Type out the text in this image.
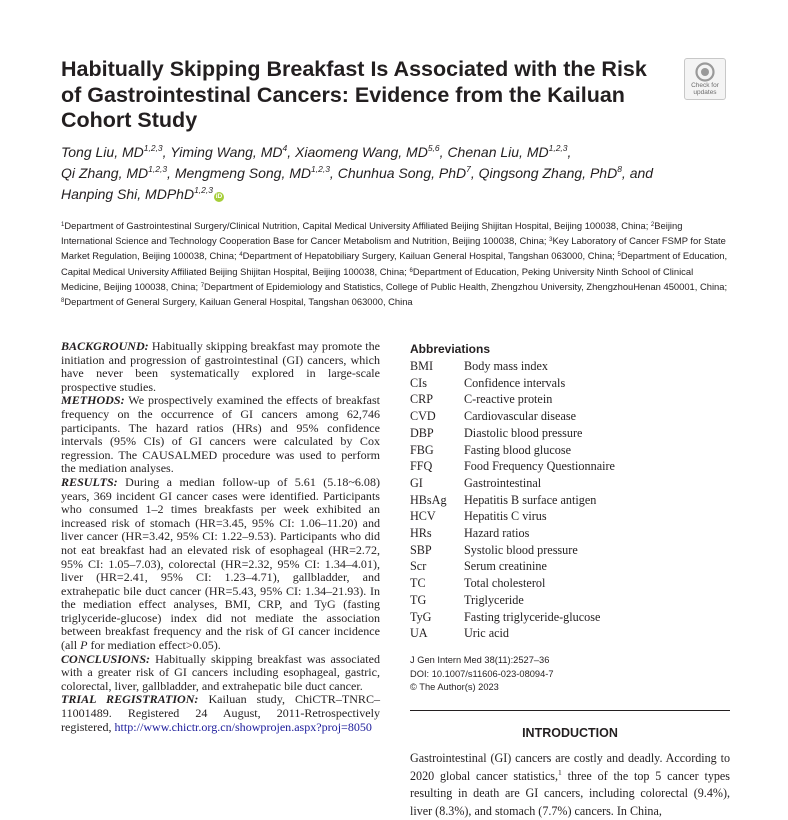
Habitually Skipping Breakfast Is Associated with the Risk of Gastrointestinal Cancers: Evidence from the Kailuan Cohort Study
Check for
updates
Tong Liu, MD$^{1,2,3}$, Yiming Wang, $MD^4$, Xiaomeng Wang, MD$^{5,6}$, Chenan Liu, MD$^{1,2,3}$,
Qi Zhang, MD$^{1,2,3}$, Mengmeng Song, MD$^{1,2,3}$, Chunhua Song, PhD$^7$, Qingsong Zhang, PhD$^8$, and
Hanping Shi, MDPhD$^{1,2,3}$iD
$^1$Department of Gastrointestinal Surgery/Clinical Nutrition, Capital Medical University Affiliated Beijing Shijitan Hospital, Beijing 100038, China; $^2$Beijing International Science and Technology Cooperation Base for Cancer Metabolism and Nutrition, Beijing 100038, China; $^3$Key Laboratory of Cancer FSMP for State Market Regulation, Beijing 100038, China; $^4$Department of Hepatobiliary Surgery, Kailuan General Hospital, Tangshan 063000, China; $^5$Department of Education, Capital Medical University Affiliated Beijing Shijitan Hospital, Beijing 100038, China; $^6$Department of Education, Peking University Ninth School of Clinical Medicine, Beijing 100038, China; $^7$Department of Epidemiology and Statistics, College of Public Health, Zhengzhou University, ZhengzhouHenan 450001, China; $^8$Department of General Surgery, Kailuan General Hospital, Tangshan 063000, China

BACKGROUND: Habitually skipping breakfast may promote the initiation and progression of gastrointestinal (GI) cancers, which have never been systematically explored in large-scale prospective studies.

METHODS: We prospectively examined the effects of breakfast frequency on the occurrence of GI cancers among 62,746 participants. The hazard ratios (HRs) and 95% confidence intervals (95% CIs) of GI cancers were calculated by Cox regression. The CAUSALMED procedure was used to perform the mediation analyses.

RESULTS: During a median follow-up of 5.61 (5.18~6.08) years, 369 incident GI cancer cases were identified. Participants who consumed 1–2 times breakfasts per week exhibited an increased risk of stomach (HR=3.45, 95% CI: 1.06–11.20) and liver cancer (HR=3.42, 95% CI: 1.22–9.53). Participants who did not eat breakfast had an elevated risk of esophageal (HR=2.72, 95% CI: 1.05–7.03), colorectal (HR=2.32, 95% CI: 1.34–4.01), liver (HR=2.41, 95% CI: 1.23–4.71), gallbladder, and extrahepatic bile duct cancer (HR=5.43, 95% CI: 1.34–21.93). In the mediation effect analyses, BMI, CRP, and TyG (fasting triglyceride-glucose) index did not mediate the association between breakfast frequency and the risk of GI cancer incidence (all P for mediation effect>0.05).

CONCLUSIONS: Habitually skipping breakfast was associated with a greater risk of GI cancers including esophageal, gastric, colorectal, liver, gallbladder, and extrahepatic bile duct cancer.

TRIAL REGISTRATION: Kailuan study, ChiCTR–TNRC–11001489. Registered 24 August, 2011-Retrospectively registered, http://www.chictr.org.cn/showprojen.aspx?proj=8050

Abbreviations
BMI	Body mass index
CIs	Confidence intervals
CRP	C-reactive protein
CVD	Cardiovascular disease
DBP	Diastolic blood pressure
FBG	Fasting blood glucose
FFQ	Food Frequency Questionnaire
GI	Gastrointestinal
HBsAg	Hepatitis B surface antigen
HCV	Hepatitis C virus
HRs	Hazard ratios
SBP	Systolic blood pressure
Scr	Serum creatinine
TC	Total cholesterol
TG	Triglyceride
TyG	Fasting triglyceride-glucose
UA	Uric acid
J Gen Intern Med 38(11):2527–36
DOI: 10.1007/s11606-023-08094-7
© The Author(s) 2023
INTRODUCTION
Gastrointestinal (GI) cancers are costly and deadly. According to 2020 global cancer statistics,$^1$ three of the top 5 cancer types resulting in death are GI cancers, including colorectal (9.4%), liver (8.3%), and stomach (7.7%) cancers. In China,
